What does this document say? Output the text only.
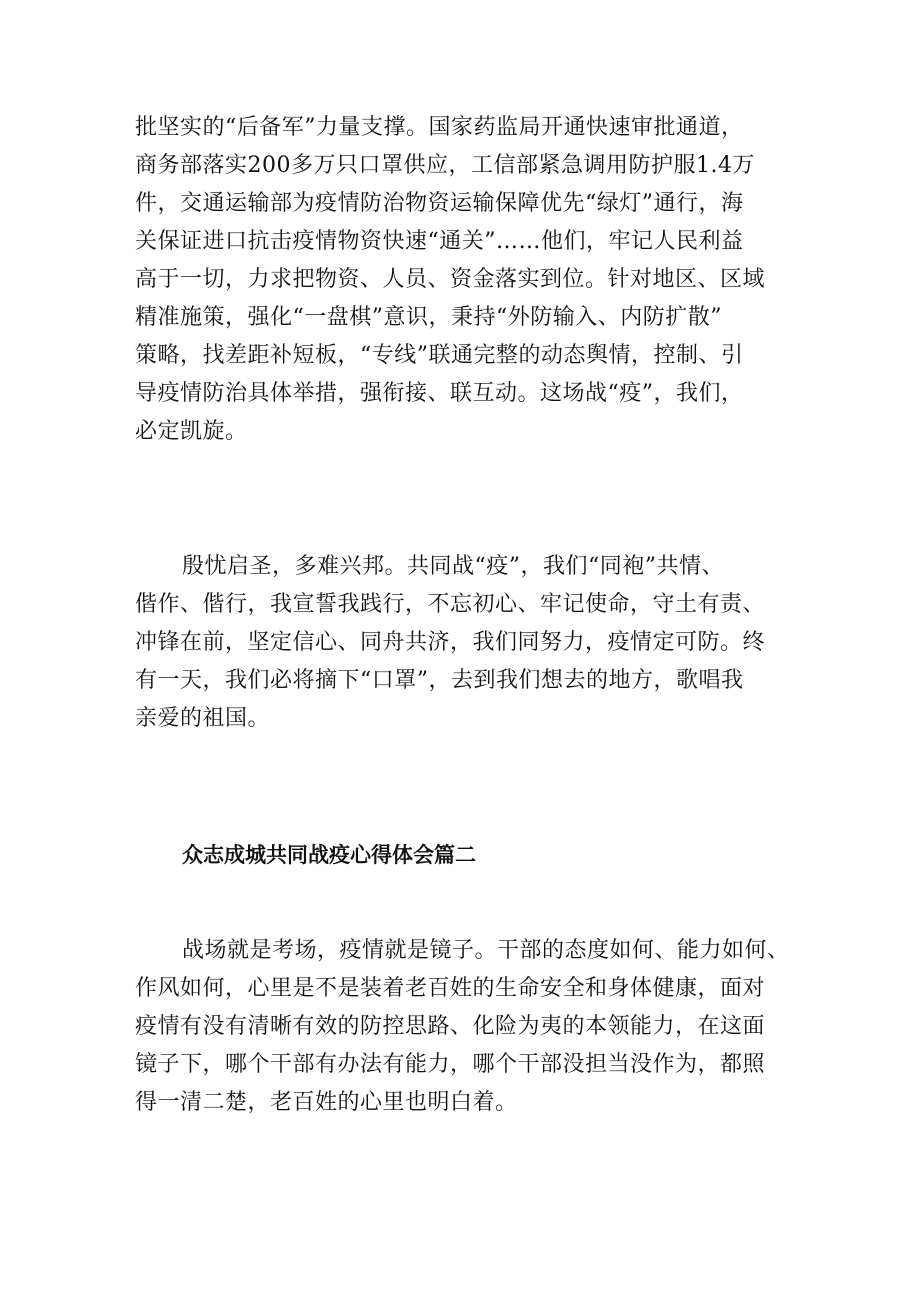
批坚实的“后备军”力量支撑。国家药监局开通快速审批通道，
商务部落实200多万只口罩供应，工信部紧急调用防护服1.4万
件，交通运输部为疫情防治物资运输保障优先“绿灯”通行，海
关保证进口抗击疫情物资快速“通关”……他们，牢记人民利益
高于一切，力求把物资、人员、资金落实到位。针对地区、区域
精准施策，强化“一盘棋”意识，秉持“外防输入、内防扩散”
策略，找差距补短板，“专线”联通完整的动态舆情，控制、引
导疫情防治具体举措，强衔接、联互动。这场战“疫”，我们，
必定凯旋。
殷忧启圣，多难兴邦。共同战“疫”，我们“同袍”共情、
偕作、偕行，我宣誓我践行，不忘初心、牢记使命，守土有责、
冲锋在前，坚定信心、同舟共济，我们同努力，疫情定可防。终
有一天，我们必将摘下“口罩”，去到我们想去的地方，歌唱我
亲爱的祖国。
众志成城共同战疫心得体会篇二
战场就是考场，疫情就是镜子。干部的态度如何、能力如何、
作风如何，心里是不是装着老百姓的生命安全和身体健康，面对
疫情有没有清晰有效的防控思路、化险为夷的本领能力，在这面
镜子下，哪个干部有办法有能力，哪个干部没担当没作为，都照
得一清二楚，老百姓的心里也明白着。
